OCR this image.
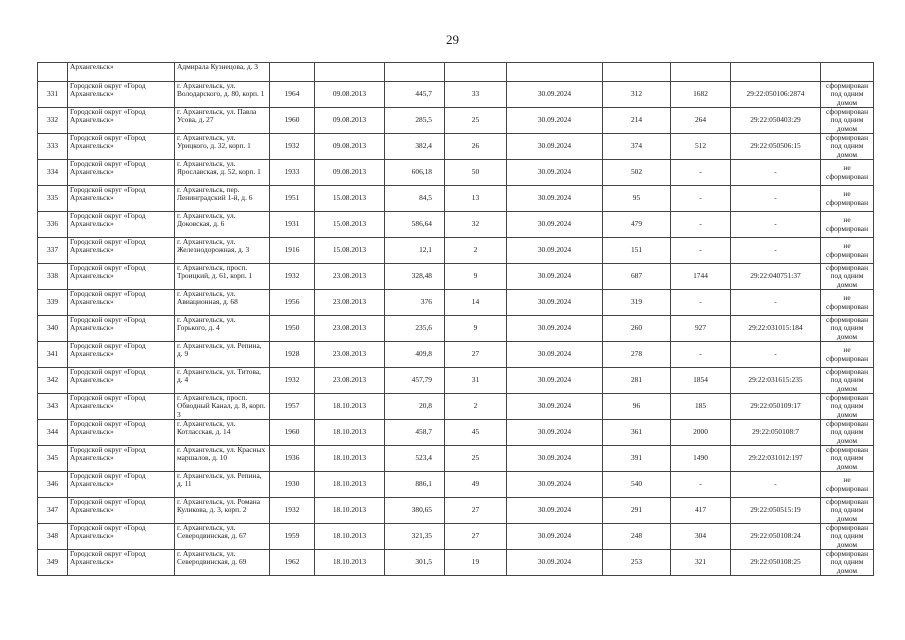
29
	Архангельск»	Адмирала Кузнецова, д. 3									
331	Городской округ «Город Архангельск»	г. Архангельск, ул. Володарского, д. 80, корп. 1	1964	09.08.2013	445,7	33	30.09.2024	312	1682	29:22:050106:2874	сформирован под одним домом
332	Городской округ «Город Архангельск»	г. Архангельск, ул. Павла Усова, д. 27	1960	09.08.2013	285,5	25	30.09.2024	214	264	29:22:050403:29	сформирован под одним домом
333	Городской округ «Город Архангельск»	г. Архангельск, ул. Урицкого, д. 32, корп. 1	1932	09.08.2013	382,4	26	30.09.2024	374	512	29:22:050506:15	сформирован под одним домом
334	Городской округ «Город Архангельск»	г. Архангельск, ул. Ярославская, д. 52, корп. 1	1933	09.08.2013	606,18	50	30.09.2024	502	-	-	не сформирован
335	Городской округ «Город Архангельск»	г. Архангельск, пер. Ленинградский 1-й, д. 6	1951	15.08.2013	84,5	13	30.09.2024	95	-	-	не сформирован
336	Городской округ «Город Архангельск»	г. Архангельск, ул. Доковская, д. 6	1931	15.08.2013	586,64	32	30.09.2024	479	-	-	не сформирован
337	Городской округ «Город Архангельск»	г. Архангельск, ул. Железнодорожная, д. 3	1916	15.08.2013	12,1	2	30.09.2024	151	-	-	не сформирован
338	Городской округ «Город Архангельск»	г. Архангельск, просп. Троицкий, д. 61, корп. 1	1932	23.08.2013	328,48	9	30.09.2024	687	1744	29:22:040751:37	сформирован под одним домом
339	Городской округ «Город Архангельск»	г. Архангельск, ул. Авиационная, д. 68	1956	23.08.2013	376	14	30.09.2024	319	-	-	не сформирован
340	Городской округ «Город Архангельск»	г. Архангельск, ул. Горького, д. 4	1950	23.08.2013	235,6	9	30.09.2024	260	927	29:22:031015:184	сформирован под одним домом
341	Городской округ «Город Архангельск»	г. Архангельск, ул. Репина, д. 9	1928	23.08.2013	409,8	27	30.09.2024	278	-	-	не сформирован
342	Городской округ «Город Архангельск»	г. Архангельск, ул. Титова, д. 4	1932	23.08.2013	457,79	31	30.09.2024	281	1854	29:22:031615:235	сформирован под одним домом
343	Городской округ «Город Архангельск»	г. Архангельск, просп. Обводный Канал, д. 8, корп. 3	1957	18.10.2013	20,8	2	30.09.2024	96	185	29:22:050109:17	сформирован под одним домом
344	Городской округ «Город Архангельск»	г. Архангельск, ул. Котласская, д. 14	1960	18.10.2013	458,7	45	30.09.2024	361	2000	29:22:050108:7	сформирован под одним домом
345	Городской округ «Город Архангельск»	г. Архангельск, ул. Красных маршалов, д. 10	1936	18.10.2013	523,4	25	30.09.2024	391	1490	29:22:031012:197	сформирован под одним домом
346	Городской округ «Город Архангельск»	г. Архангельск, ул. Репина, д. 11	1930	18.10.2013	886,1	49	30.09.2024	540	-	-	не сформирован
347	Городской округ «Город Архангельск»	г. Архангельск, ул. Романа Куликова, д. 3, корп. 2	1932	18.10.2013	380,65	27	30.09.2024	291	417	29:22:050515:19	сформирован под одним домом
348	Городской округ «Город Архангельск»	г. Архангельск, ул. Северодвинская, д. 67	1959	18.10.2013	321,35	27	30.09.2024	248	304	29:22:050108:24	сформирован под одним домом
349	Городской округ «Город Архангельск»	г. Архангельск, ул. Северодвинская, д. 69	1962	18.10.2013	301,5	19	30.09.2024	253	321	29:22:050108:25	сформирован под одним домом
